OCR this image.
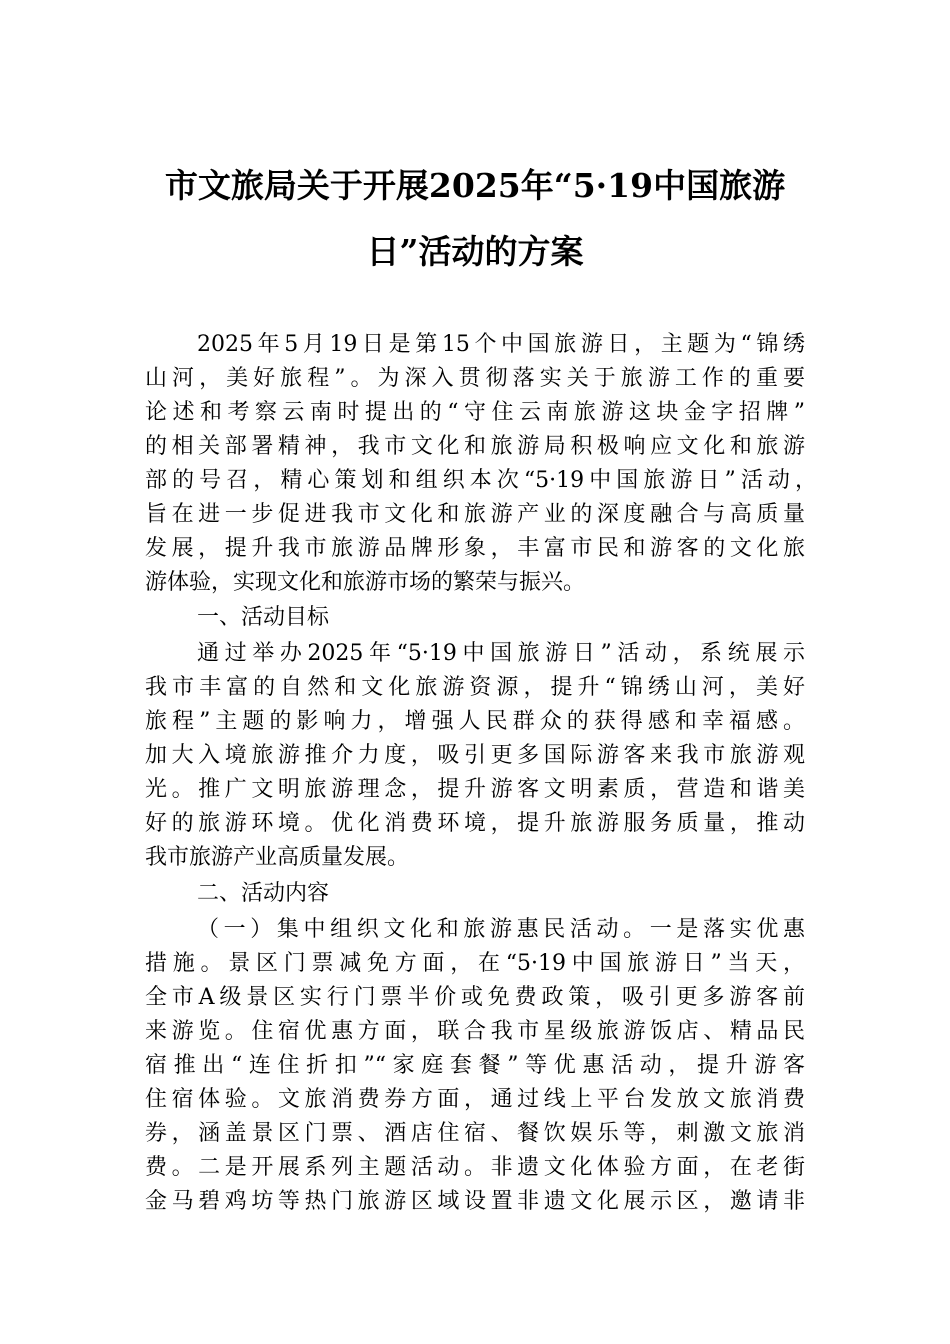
市文旅局关于开展2025年“5·19中国旅游
日”活动的方案
2025年5月19日是第15个中国旅游日，主题为“锦绣
山河，美好旅程”。为深入贯彻落实关于旅游工作的重要
论述和考察云南时提出的“守住云南旅游这块金字招牌”
的相关部署精神，我市文化和旅游局积极响应文化和旅游
部的号召，精心策划和组织本次“5·19中国旅游日”活动，
旨在进一步促进我市文化和旅游产业的深度融合与高质量
发展，提升我市旅游品牌形象，丰富市民和游客的文化旅
游体验，实现文化和旅游市场的繁荣与振兴。
一、活动目标
通过举办2025年“5·19中国旅游日”活动，系统展示
我市丰富的自然和文化旅游资源，提升“锦绣山河，美好
旅程”主题的影响力，增强人民群众的获得感和幸福感。
加大入境旅游推介力度，吸引更多国际游客来我市旅游观
光。推广文明旅游理念，提升游客文明素质，营造和谐美
好的旅游环境。优化消费环境，提升旅游服务质量，推动
我市旅游产业高质量发展。
二、活动内容
（一）集中组织文化和旅游惠民活动。一是落实优惠
措施。景区门票减免方面，在“5·19中国旅游日”当天，
全市A级景区实行门票半价或免费政策，吸引更多游客前
来游览。住宿优惠方面，联合我市星级旅游饭店、精品民
宿推出“连住折扣”“家庭套餐”等优惠活动，提升游客
住宿体验。文旅消费券方面，通过线上平台发放文旅消费
券，涵盖景区门票、酒店住宿、餐饮娱乐等，刺激文旅消
费。二是开展系列主题活动。非遗文化体验方面，在老街
金马碧鸡坊等热门旅游区域设置非遗文化展示区，邀请非
